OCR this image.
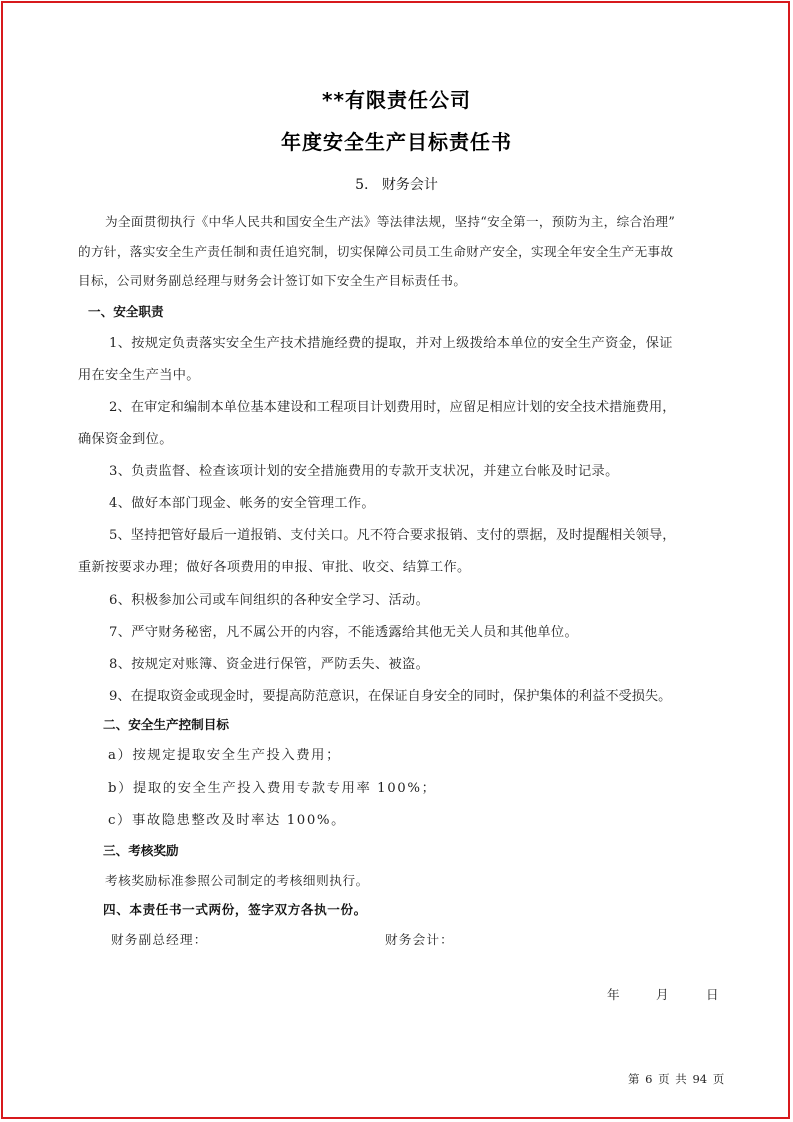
**有限责任公司
年度安全生产目标责任书
5. 财务会计
为全面贯彻执行《中华人民共和国安全生产法》等法律法规，坚持“安全第一，预防为主，综合治理”
的方针，落实安全生产责任制和责任追究制，切实保障公司员工生命财产安全，实现全年安全生产无事故
目标，公司财务副总经理与财务会计签订如下安全生产目标责任书。
一、安全职责
1、按规定负责落实安全生产技术措施经费的提取，并对上级拨给本单位的安全生产资金，保证
用在安全生产当中。
2、在审定和编制本单位基本建设和工程项目计划费用时，应留足相应计划的安全技术措施费用，
确保资金到位。
3、负责监督、检查该项计划的安全措施费用的专款开支状况，并建立台帐及时记录。
4、做好本部门现金、帐务的安全管理工作。
5、坚持把管好最后一道报销、支付关口。凡不符合要求报销、支付的票据，及时提醒相关领导，
重新按要求办理；做好各项费用的申报、审批、收交、结算工作。
6、积极参加公司或车间组织的各种安全学习、活动。
7、严守财务秘密，凡不属公开的内容，不能透露给其他无关人员和其他单位。
8、按规定对账簿、资金进行保管，严防丢失、被盗。
9、在提取资金或现金时，要提高防范意识，在保证自身安全的同时，保护集体的利益不受损失。
二、安全生产控制目标
a）按规定提取安全生产投入费用；
b）提取的安全生产投入费用专款专用率 100%；
c）事故隐患整改及时率达 100%。
三、考核奖励
考核奖励标准参照公司制定的考核细则执行。
四、本责任书一式两份，签字双方各执一份。
财务副总经理：	财务会计：
年	月	日
第 6 页 共 94 页
